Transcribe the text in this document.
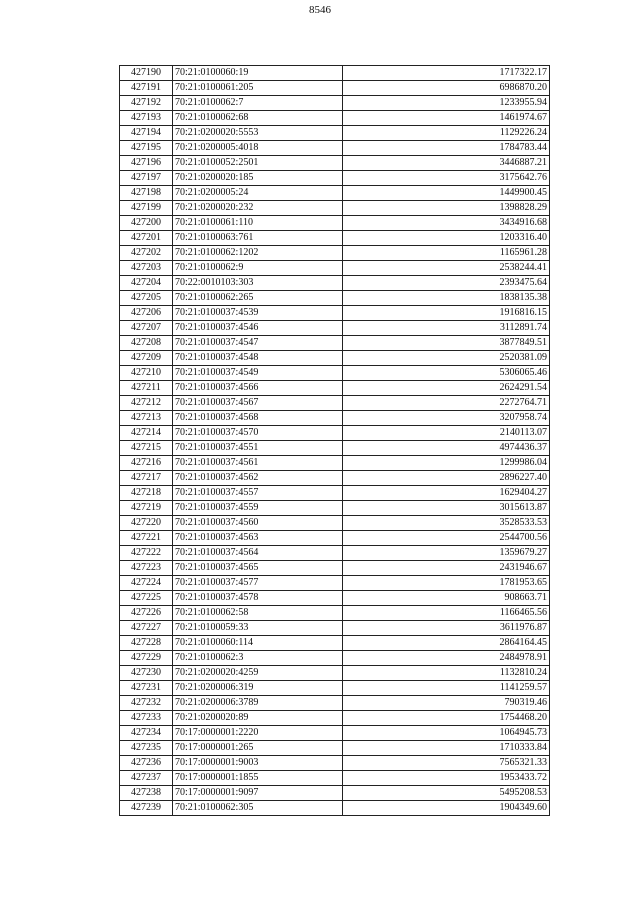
8546
427190	70:21:0100060:19	1717322.17
427191	70:21:0100061:205	6986870.20
427192	70:21:0100062:7	1233955.94
427193	70:21:0100062:68	1461974.67
427194	70:21:0200020:5553	1129226.24
427195	70:21:0200005:4018	1784783.44
427196	70:21:0100052:2501	3446887.21
427197	70:21:0200020:185	3175642.76
427198	70:21:0200005:24	1449900.45
427199	70:21:0200020:232	1398828.29
427200	70:21:0100061:110	3434916.68
427201	70:21:0100063:761	1203316.40
427202	70:21:0100062:1202	1165961.28
427203	70:21:0100062:9	2538244.41
427204	70:22:0010103:303	2393475.64
427205	70:21:0100062:265	1838135.38
427206	70:21:0100037:4539	1916816.15
427207	70:21:0100037:4546	3112891.74
427208	70:21:0100037:4547	3877849.51
427209	70:21:0100037:4548	2520381.09
427210	70:21:0100037:4549	5306065.46
427211	70:21:0100037:4566	2624291.54
427212	70:21:0100037:4567	2272764.71
427213	70:21:0100037:4568	3207958.74
427214	70:21:0100037:4570	2140113.07
427215	70:21:0100037:4551	4974436.37
427216	70:21:0100037:4561	1299986.04
427217	70:21:0100037:4562	2896227.40
427218	70:21:0100037:4557	1629404.27
427219	70:21:0100037:4559	3015613.87
427220	70:21:0100037:4560	3528533.53
427221	70:21:0100037:4563	2544700.56
427222	70:21:0100037:4564	1359679.27
427223	70:21:0100037:4565	2431946.67
427224	70:21:0100037:4577	1781953.65
427225	70:21:0100037:4578	908663.71
427226	70:21:0100062:58	1166465.56
427227	70:21:0100059:33	3611976.87
427228	70:21:0100060:114	2864164.45
427229	70:21:0100062:3	2484978.91
427230	70:21:0200020:4259	1132810.24
427231	70:21:0200006:319	1141259.57
427232	70:21:0200006:3789	790319.46
427233	70:21:0200020:89	1754468.20
427234	70:17:0000001:2220	1064945.73
427235	70:17:0000001:265	1710333.84
427236	70:17:0000001:9003	7565321.33
427237	70:17:0000001:1855	1953433.72
427238	70:17:0000001:9097	5495208.53
427239	70:21:0100062:305	1904349.60
